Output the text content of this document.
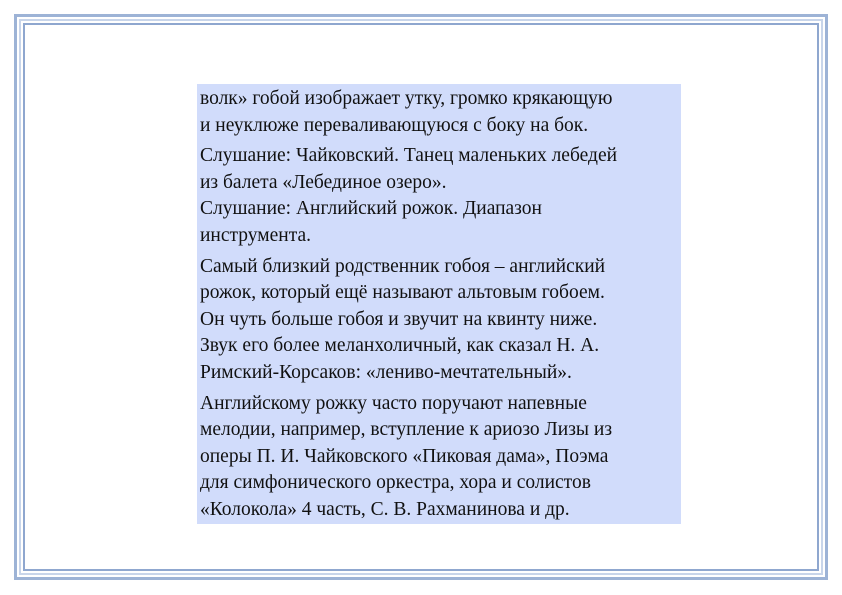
волк» гобой изображает утку, громко крякающую
и неуклюже переваливающуюся с боку на бок.

Слушание: Чайковский. Танец маленьких лебедей
из балета «Лебединое озеро».
Слушание: Английский рожок. Диапазон
инструмента.

Самый близкий родственник гобоя – английский
рожок, который ещё называют альтовым гобоем.
Он чуть больше гобоя и звучит на квинту ниже.
Звук его более меланхоличный, как сказал Н. А.
Римский-Корсаков: «лениво-мечтательный».

Английскому рожку часто поручают напевные
мелодии, например, вступление к ариозо Лизы из
оперы П. И. Чайковского «Пиковая дама», Поэма
для симфонического оркестра, хора и солистов
«Колокола» 4 часть, С. В. Рахманинова и др.
